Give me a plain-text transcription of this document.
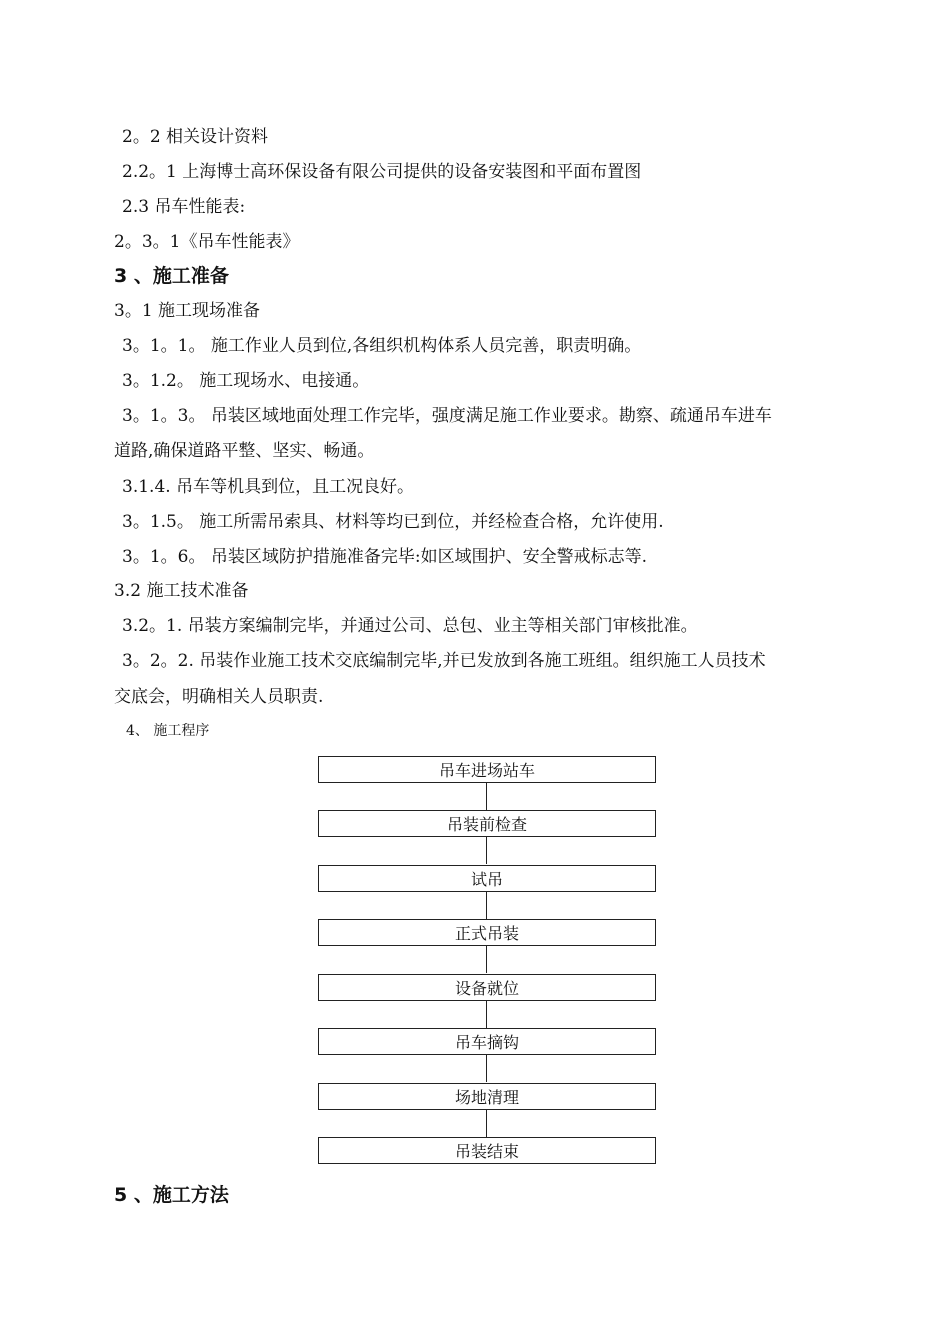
2。2 相关设计资料
2.2。1 上海博士高环保设备有限公司提供的设备安装图和平面布置图
2.3 吊车性能表:
2。3。1《吊车性能表》
3 、施工准备
3。1 施工现场准备
3。1。1。 施工作业人员到位,各组织机构体系人员完善，职责明确。
3。1.2。 施工现场水、电接通。
3。1。3。 吊装区域地面处理工作完毕，强度满足施工作业要求。勘察、疏通吊车进车
道路,确保道路平整、坚实、畅通。
3.1.4. 吊车等机具到位，且工况良好。
3。1.5。 施工所需吊索具、材料等均已到位，并经检查合格，允许使用.
3。1。6。 吊装区域防护措施准备完毕:如区域围护、安全警戒标志等.
3.2 施工技术准备
3.2。1. 吊装方案编制完毕，并通过公司、总包、业主等相关部门审核批准。
3。2。2. 吊装作业施工技术交底编制完毕,并已发放到各施工班组。组织施工人员技术
交底会，明确相关人员职责.
4、 施工程序
吊车进场站车
吊装前检查
试吊
正式吊装
设备就位
吊车摘钩
场地清理
吊装结束
5 、施工方法
